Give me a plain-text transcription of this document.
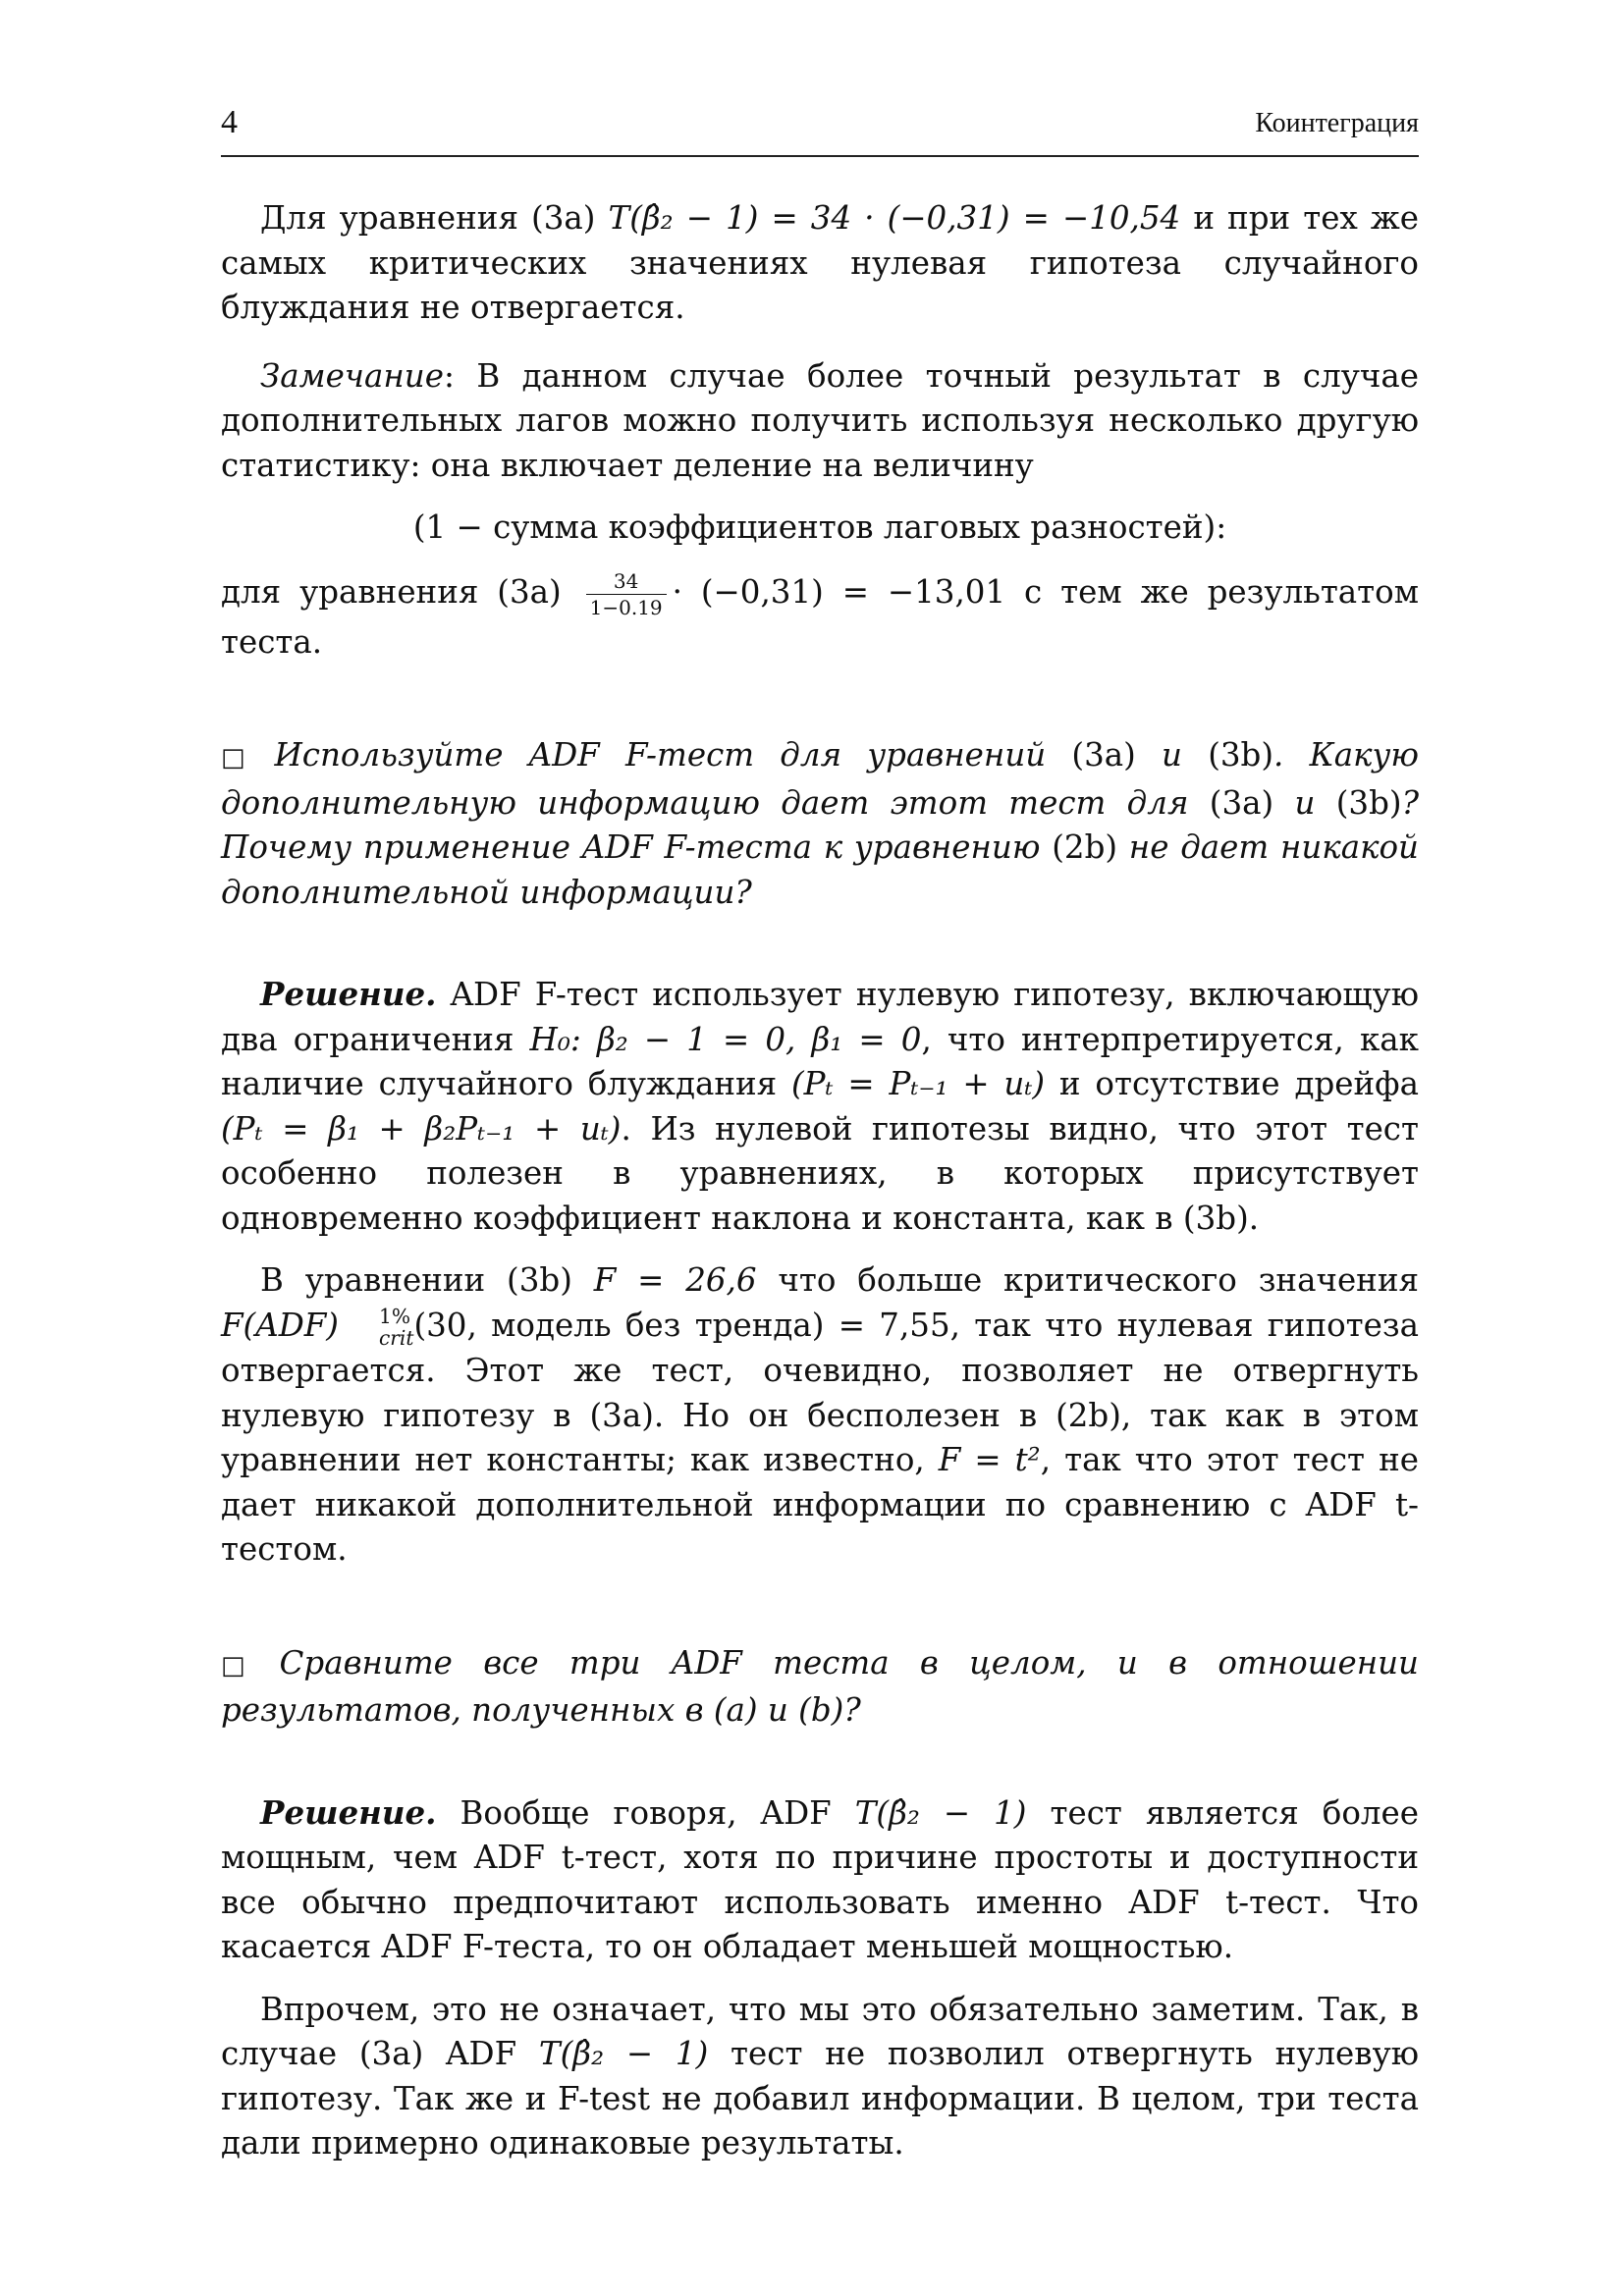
4	Коинтеграция

Для уравнения (3а) T(β̂₂ − 1) = 34 · (−0,31) = −10,54 и при тех же самых критических значениях нулевая гипотеза случайного блуждания не отвергается.

Замечание: В данном случае более точный результат в случае дополнительных лагов можно получить используя несколько другую статистику: она включает деление на величину

(1 − сумма коэффициентов лаговых разностей):

для уравнения $(3а) \frac{34}{1-0.19} \cdot (-0,31) = -13,01$ с тем же результатом теста.

□ Используйте ADF F-тест для уравнений (3а) и (3b). Какую дополнительную информацию дает этот тест для (3а) и (3b)? Почему применение ADF F-теста к уравнению (2b) не дает никакой дополнительной информации?

Решение. ADF F-тест использует нулевую гипотезу, включающую два ограничения H₀: β₂ − 1 = 0, β₁ = 0, что интерпретируется, как наличие случайного блуждания (Pₜ = Pₜ₋₁ + uₜ) и отсутствие дрейфа (Pₜ = β₁ + β₂Pₜ₋₁ + uₜ). Из нулевой гипотезы видно, что этот тест особенно полезен в уравнениях, в которых присутствует одновременно коэффициент наклона и константа, как в (3b).

В уравнении (3b) F = 26,6 что больше критического значения F(ADF)	1%
crit (30, модель без тренда) = 7,55, так что нулевая гипотеза отвергается. Этот же тест, очевидно, позволяет не отвергнуть нулевую гипотезу в (3а). Но он бесполезен в (2b), так как в этом уравнении нет константы; как известно, F = t², так что этот тест не дает никакой дополнительной информации по сравнению с ADF t-тестом.

□ Сравните все три ADF теста в целом, и в отношении результатов, полученных в (а) и (b)?

Решение. Вообще говоря, ADF T(β̂₂ − 1) тест является более мощным, чем ADF t-тест, хотя по причине простоты и доступности все обычно предпочитают использовать именно ADF t-тест. Что касается ADF F-теста, то он обладает меньшей мощностью.

Впрочем, это не означает, что мы это обязательно заметим. Так, в случае (3а) ADF T(β̂₂ − 1) тест не позволил отвергнуть нулевую гипотезу. Так же и F-test не добавил информации. В целом, три теста дали примерно одинаковые результаты.
